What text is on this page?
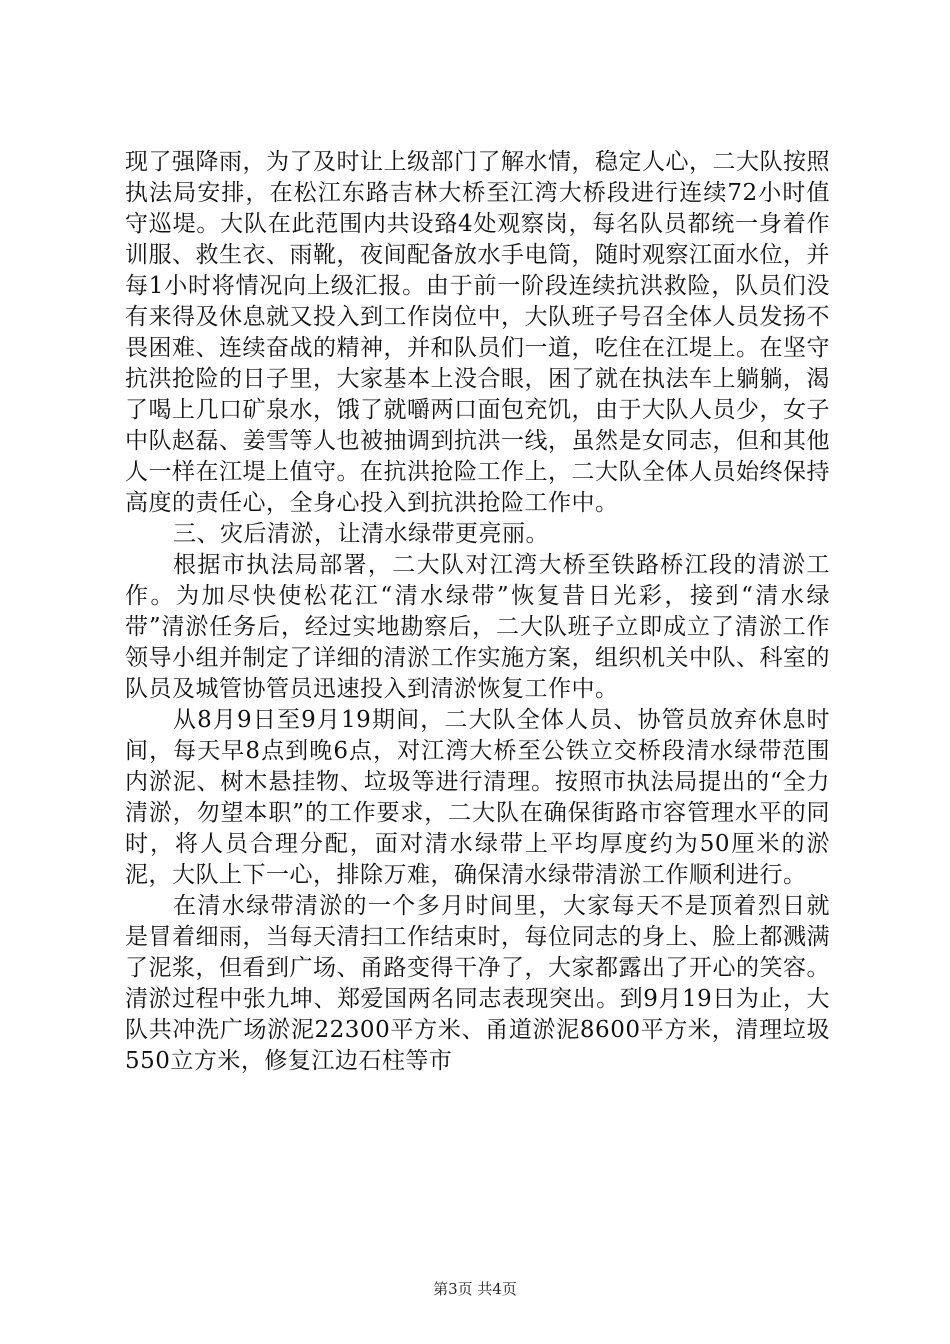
现了强降雨，为了及时让上级部门了解水情，稳定人心，二大队按照执法局安排，在松江东路吉林大桥至江湾大桥段进行连续72小时值守巡堤。大队在此范围内共设臵4处观察岗，每名队员都统一身着作训服、救生衣、雨靴，夜间配备放水手电筒，随时观察江面水位，并每1小时将情况向上级汇报。由于前一阶段连续抗洪救险，队员们没有来得及休息就又投入到工作岗位中，大队班子号召全体人员发扬不畏困难、连续奋战的精神，并和队员们一道，吃住在江堤上。在坚守抗洪抢险的日子里，大家基本上没合眼，困了就在执法车上躺躺，渴了喝上几口矿泉水，饿了就嚼两口面包充饥，由于大队人员少，女子中队赵磊、姜雪等人也被抽调到抗洪一线，虽然是女同志，但和其他人一样在江堤上值守。在抗洪抢险工作上，二大队全体人员始终保持高度的责任心，全身心投入到抗洪抢险工作中。

三、灾后清淤，让清水绿带更亮丽。

根据市执法局部署，二大队对江湾大桥至铁路桥江段的清淤工作。为加尽快使松花江“清水绿带”恢复昔日光彩，接到“清水绿带”清淤任务后，经过实地勘察后，二大队班子立即成立了清淤工作领导小组并制定了详细的清淤工作实施方案，组织机关中队、科室的队员及城管协管员迅速投入到清淤恢复工作中。

从8月9日至9月19期间，二大队全体人员、协管员放弃休息时间，每天早8点到晚6点，对江湾大桥至公铁立交桥段清水绿带范围内淤泥、树木悬挂物、垃圾等进行清理。按照市执法局提出的“全力清淤，勿望本职”的工作要求，二大队在确保街路市容管理水平的同时，将人员合理分配，面对清水绿带上平均厚度约为50厘米的淤泥，大队上下一心，排除万难，确保清水绿带清淤工作顺利进行。

在清水绿带清淤的一个多月时间里，大家每天不是顶着烈日就是冒着细雨，当每天清扫工作结束时，每位同志的身上、脸上都溅满了泥浆，但看到广场、甬路变得干净了，大家都露出了开心的笑容。清淤过程中张九坤、郑爱国两名同志表现突出。到9月19日为止，大队共冲洗广场淤泥22300平方米、甬道淤泥8600平方米，清理垃圾550立方米，修复江边石柱等市

第3页 共4页
